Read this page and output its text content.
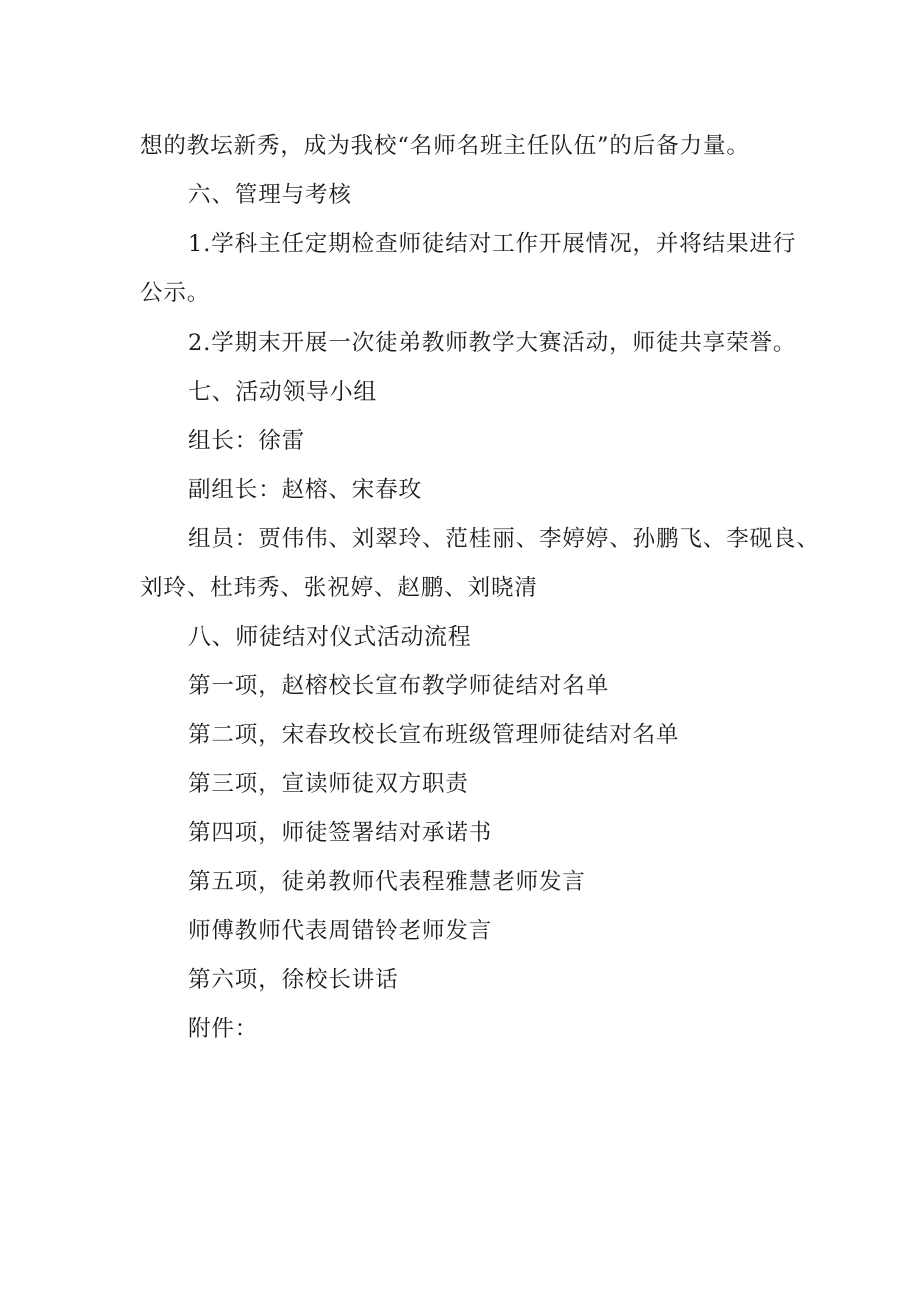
想的教坛新秀，成为我校“名师名班主任队伍”的后备力量。
六、管理与考核
1.学科主任定期检查师徒结对工作开展情况，并将结果进行
公示。
2.学期末开展一次徒弟教师教学大赛活动，师徒共享荣誉。
七、活动领导小组
组长：徐雷
副组长：赵榕、宋春玫
组员：贾伟伟、刘翠玲、范桂丽、李婷婷、孙鹏飞、李砚良、
刘玲、杜玮秀、张祝婷、赵鹏、刘晓清
八、师徒结对仪式活动流程
第一项，赵榕校长宣布教学师徒结对名单
第二项，宋春玫校长宣布班级管理师徒结对名单
第三项，宣读师徒双方职责
第四项，师徒签署结对承诺书
第五项，徒弟教师代表程雅慧老师发言
师傅教师代表周错铃老师发言
第六项，徐校长讲话
附件：
